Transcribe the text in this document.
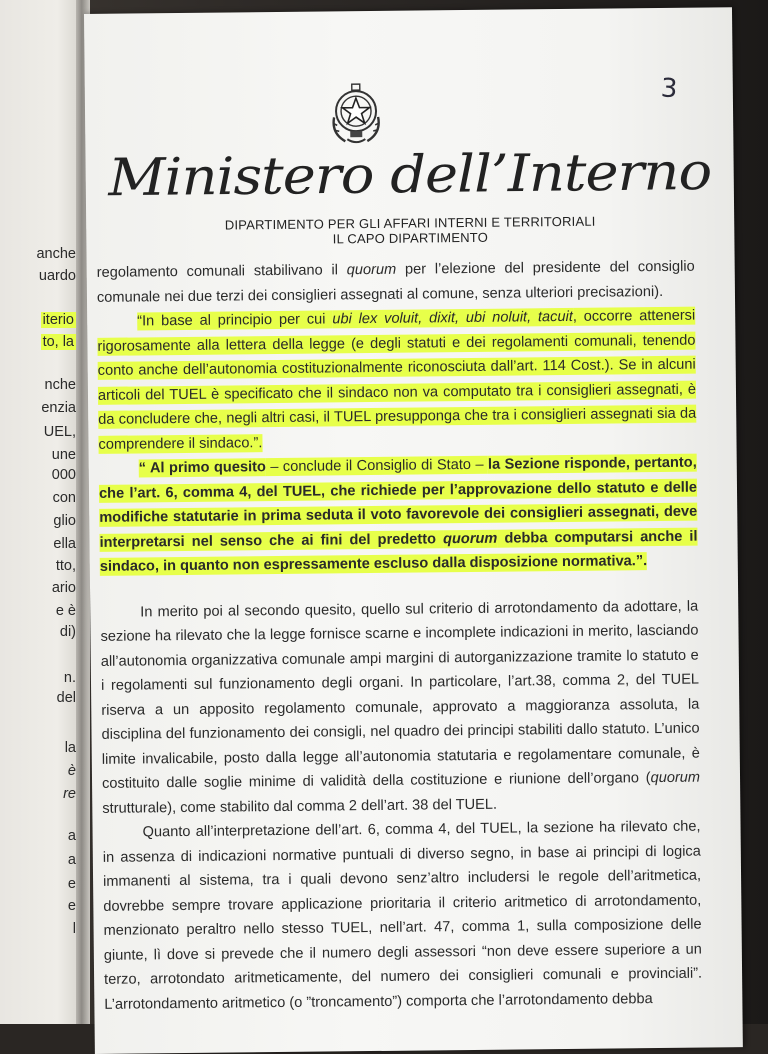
anche
uardo
iterio
to, la
nche
enzia
UEL,
une
000
con
glio
ella
tto,
ario
e è
di)
n.
del
la
è
re
a
a
e
e
l
3
Ministero dell’Interno
DIPARTIMENTO PER GLI AFFARI INTERNI E TERRITORIALI
IL CAPO DIPARTIMENTO

regolamento comunali stabilivano il quorum per l’elezione del presidente del consiglio comunale nei due terzi dei consiglieri assegnati al comune, senza ulteriori precisazioni).

“In base al principio per cui ubi lex voluit, dixit, ubi noluit, tacuit, occorre attenersi rigorosamente alla lettera della legge (e degli statuti e dei regolamenti comunali, tenendo conto anche dell’autonomia costituzionalmente riconosciuta dall’art. 114 Cost.). Se in alcuni articoli del TUEL è specificato che il sindaco non va computato tra i consiglieri assegnati, è da concludere che, negli altri casi, il TUEL presupponga che tra i consiglieri assegnati sia da comprendere il sindaco.”.

“ Al primo quesito – conclude il Consiglio di Stato – la Sezione risponde, pertanto, che l’art. 6, comma 4, del TUEL, che richiede per l’approvazione dello statuto e delle modifiche statutarie in prima seduta il voto favorevole dei consiglieri assegnati, deve interpretarsi nel senso che ai fini del predetto quorum debba computarsi anche il sindaco, in quanto non espressamente escluso dalla disposizione normativa.”.

In merito poi al secondo quesito, quello sul criterio di arrotondamento da adottare, la sezione ha rilevato che la legge fornisce scarne e incomplete indicazioni in merito, lasciando all’autonomia organizzativa comunale ampi margini di autorganizzazione tramite lo statuto e i regolamenti sul funzionamento degli organi. In particolare, l’art.38, comma 2, del TUEL riserva a un apposito regolamento comunale, approvato a maggioranza assoluta, la disciplina del funzionamento dei consigli, nel quadro dei principi stabiliti dallo statuto. L’unico limite invalicabile, posto dalla legge all’autonomia statutaria e regolamentare comunale, è costituito dalle soglie minime di validità della costituzione e riunione dell’organo (quorum strutturale), come stabilito dal comma 2 dell’art. 38 del TUEL.

Quanto all’interpretazione dell’art. 6, comma 4, del TUEL, la sezione ha rilevato che, in assenza di indicazioni normative puntuali di diverso segno, in base ai principi di logica immanenti al sistema, tra i quali devono senz’altro includersi le regole dell’aritmetica, dovrebbe sempre trovare applicazione prioritaria il criterio aritmetico di arrotondamento, menzionato peraltro nello stesso TUEL, nell’art. 47, comma 1, sulla composizione delle giunte, lì dove si prevede che il numero degli assessori “non deve essere superiore a un terzo, arrotondato aritmeticamente, del numero dei consiglieri comunali e provinciali”. L’arrotondamento aritmetico (o ”troncamento”) comporta che l’arrotondamento debba
